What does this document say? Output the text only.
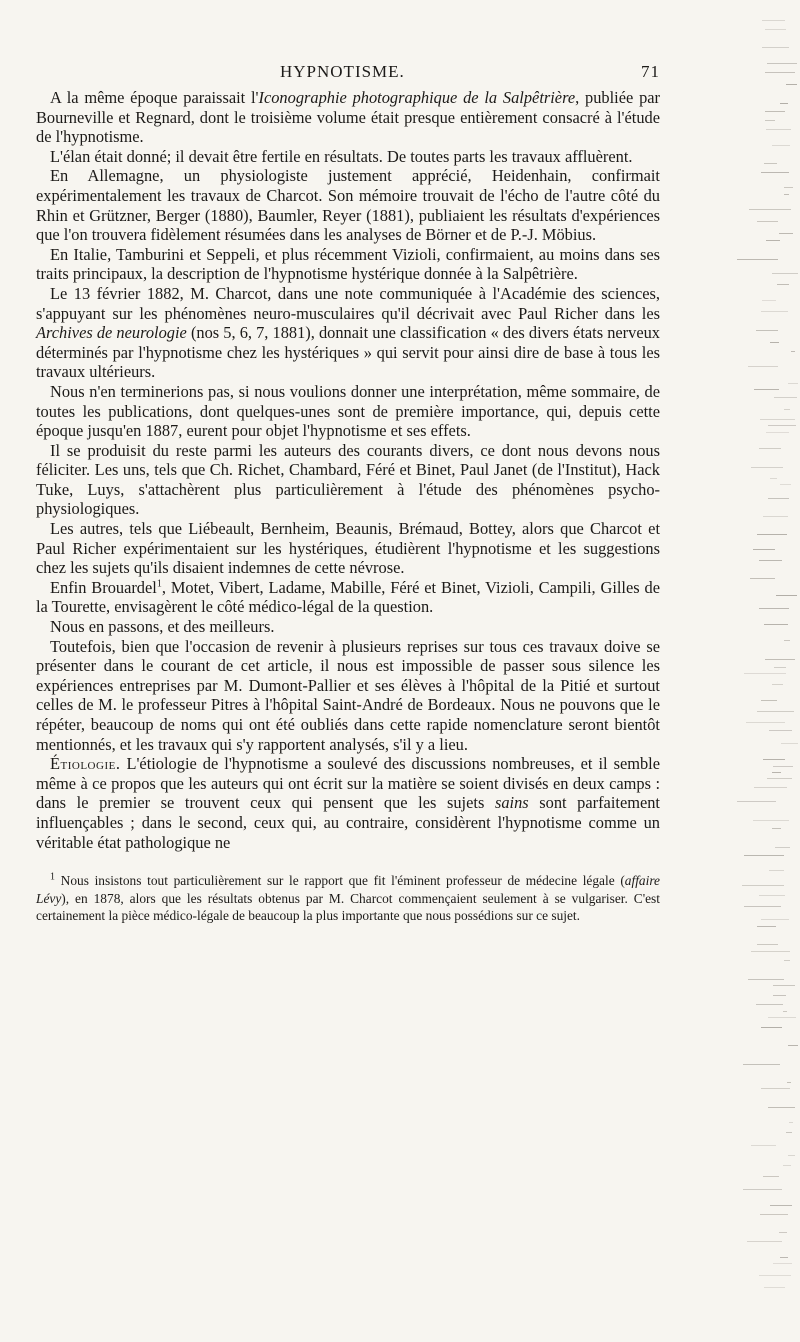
HYPNOTISME.	71

A la même époque paraissait l'Iconographie photographique de la Salpêtrière, publiée par Bourneville et Regnard, dont le troisième volume était presque entièrement consacré à l'étude de l'hypnotisme.

L'élan était donné; il devait être fertile en résultats. De toutes parts les travaux affluèrent.

En Allemagne, un physiologiste justement apprécié, Heidenhain, confirmait expérimentalement les travaux de Charcot. Son mémoire trouvait de l'écho de l'autre côté du Rhin et Grützner, Berger (1880), Baumler, Reyer (1881), publiaient les résultats d'expériences que l'on trouvera fidèlement résumées dans les analyses de Börner et de P.-J. Möbius.

En Italie, Tamburini et Seppeli, et plus récemment Vizioli, confirmaient, au moins dans ses traits principaux, la description de l'hypnotisme hystérique donnée à la Salpêtrière.

Le 13 février 1882, M. Charcot, dans une note communiquée à l'Académie des sciences, s'appuyant sur les phénomènes neuro-musculaires qu'il décrivait avec Paul Richer dans les Archives de neurologie (nos 5, 6, 7, 1881), donnait une classification « des divers états nerveux déterminés par l'hypnotisme chez les hystériques » qui servit pour ainsi dire de base à tous les travaux ultérieurs.

Nous n'en terminerions pas, si nous voulions donner une interprétation, même sommaire, de toutes les publications, dont quelques-unes sont de première importance, qui, depuis cette époque jusqu'en 1887, eurent pour objet l'hypnotisme et ses effets.

Il se produisit du reste parmi les auteurs des courants divers, ce dont nous devons nous féliciter. Les uns, tels que Ch. Richet, Chambard, Féré et Binet, Paul Janet (de l'Institut), Hack Tuke, Luys, s'attachèrent plus particulièrement à l'étude des phénomènes psycho-physiologiques.

Les autres, tels que Liébeault, Bernheim, Beaunis, Brémaud, Bottey, alors que Charcot et Paul Richer expérimentaient sur les hystériques, étudièrent l'hypnotisme et les suggestions chez les sujets qu'ils disaient indemnes de cette névrose.

Enfin Brouardel$^1$, Motet, Vibert, Ladame, Mabille, Féré et Binet, Vizioli, Campili, Gilles de la Tourette, envisagèrent le côté médico-légal de la question.

Nous en passons, et des meilleurs.

Toutefois, bien que l'occasion de revenir à plusieurs reprises sur tous ces travaux doive se présenter dans le courant de cet article, il nous est impossible de passer sous silence les expériences entreprises par M. Dumont-Pallier et ses élèves à l'hôpital de la Pitié et surtout celles de M. le professeur Pitres à l'hôpital Saint-André de Bordeaux. Nous ne pouvons que le répéter, beaucoup de noms qui ont été oubliés dans cette rapide nomenclature seront bientôt mentionnés, et les travaux qui s'y rapportent analysés, s'il y a lieu.

Étiologie. L'étiologie de l'hypnotisme a soulevé des discussions nombreuses, et il semble même à ce propos que les auteurs qui ont écrit sur la matière se soient divisés en deux camps : dans le premier se trouvent ceux qui pensent que les sujets sains sont parfaitement influençables ; dans le second, ceux qui, au contraire, considèrent l'hypnotisme comme un véritable état pathologique ne

$^1$ Nous insistons tout particulièrement sur le rapport que fit l'éminent professeur de médecine légale (affaire Lévy), en 1878, alors que les résultats obtenus par M. Charcot commençaient seulement à se vulgariser. C'est certainement la pièce médico-légale de beaucoup la plus importante que nous possédions sur ce sujet.
